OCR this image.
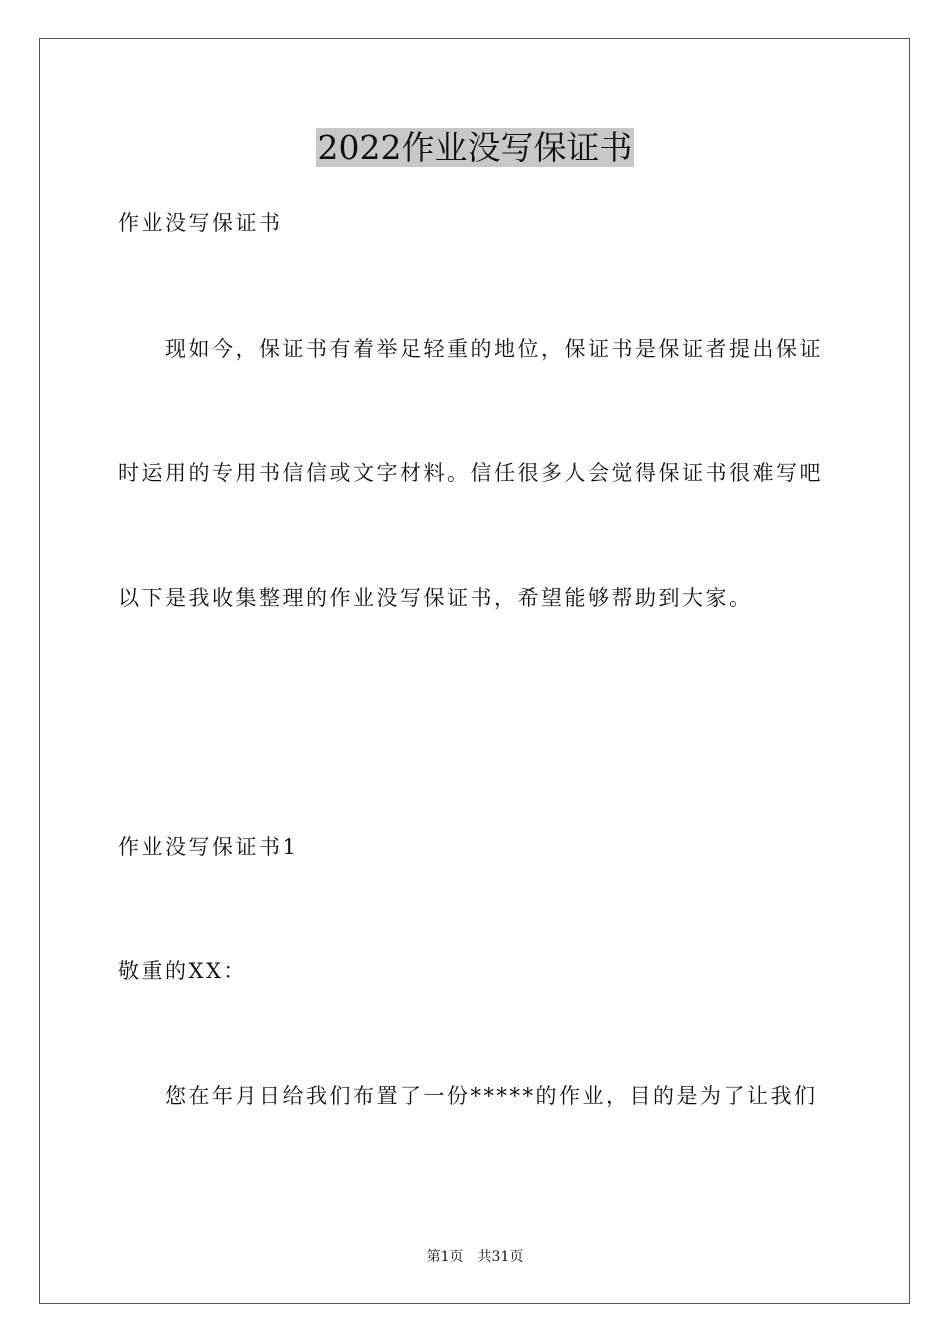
2022作业没写保证书
作业没写保证书
现如今，保证书有着举足轻重的地位，保证书是保证者提出保证
时运用的专用书信信或文字材料。信任很多人会觉得保证书很难写吧
以下是我收集整理的作业没写保证书，希望能够帮助到大家。
作业没写保证书1
敬重的XX：
您在年月日给我们布置了一份*****的作业，目的是为了让我们
第1页　共31页
